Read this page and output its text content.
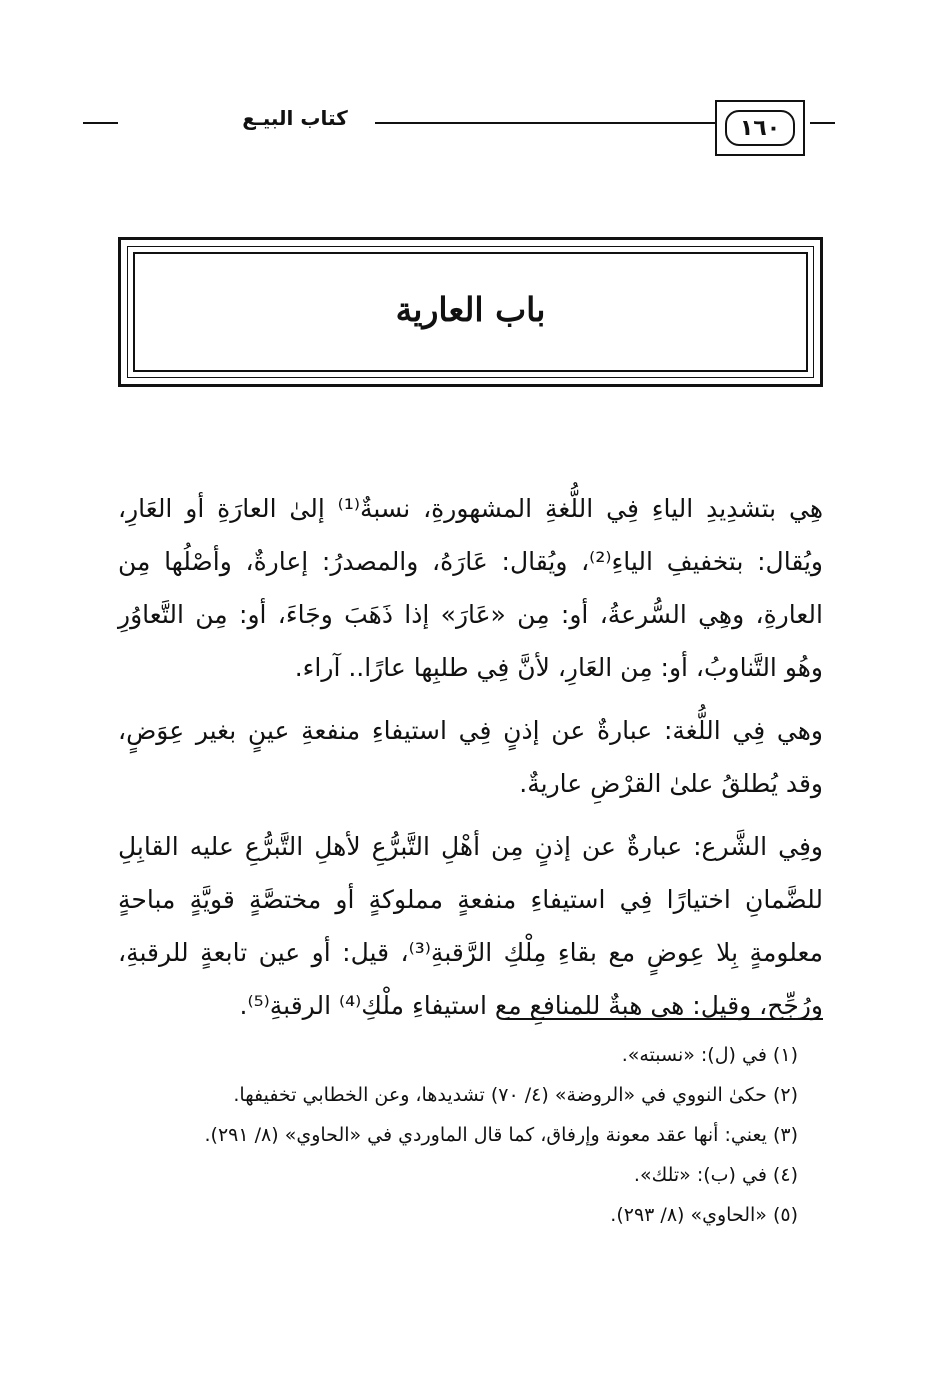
كتاب البيـع	١٦٠
باب العارية

هِي بتشدِيدِ الياءِ فِي اللُّغةِ المشهورةِ، نسبةٌ⁽¹⁾ إلىٰ العارَةِ أو العَارِ، ويُقال: بتخفيفِ الياءِ⁽²⁾، ويُقال: عَارَهُ، والمصدرُ: إعارةٌ، وأصْلُها مِن العارةِ، وهِي السُّرعةُ، أو: مِن «عَارَ» إذا ذَهَبَ وجَاءَ، أو: مِن التَّعاوُرِ وهُو التَّناوبُ، أو: مِن العَارِ، لأنَّ فِي طلبِها عارًا.. آراء.

وهي فِي اللُّغة: عبارةٌ عن إذنٍ فِي استيفاءِ منفعةِ عينٍ بغير عِوَضٍ، وقد يُطلقُ علىٰ القرْضِ عاريةٌ.

وفِي الشَّرع: عبارةٌ عن إذنٍ مِن أهْلِ التَّبرُّعِ لأهلِ التَّبرُّعِ عليه القابِلِ للضَّمانِ اختيارًا فِي استيفاءِ منفعةٍ مملوكةٍ أو مختصَّةٍ قويَّةٍ مباحةٍ معلومةٍ بِلا عِوضٍ مع بقاءِ مِلْكِ الرَّقبةِ⁽³⁾، قيل: أو عين تابعةٍ للرقبةِ، ورُجِّح، وقيل: هي هبةٌ للمنافعِ مع استيفاءِ ملْكِ⁽⁴⁾ الرقبةِ⁽⁵⁾.

(١) في (ل): «نسبته».
(٢) حكىٰ النووي في «الروضة» (٤/ ٧٠) تشديدها، وعن الخطابي تخفيفها.
(٣) يعني: أنها عقد معونة وإرفاق، كما قال الماوردي في «الحاوي» (٨/ ٢٩١).
(٤) في (ب): «تلك».
(٥) «الحاوي» (٨/ ٢٩٣).
